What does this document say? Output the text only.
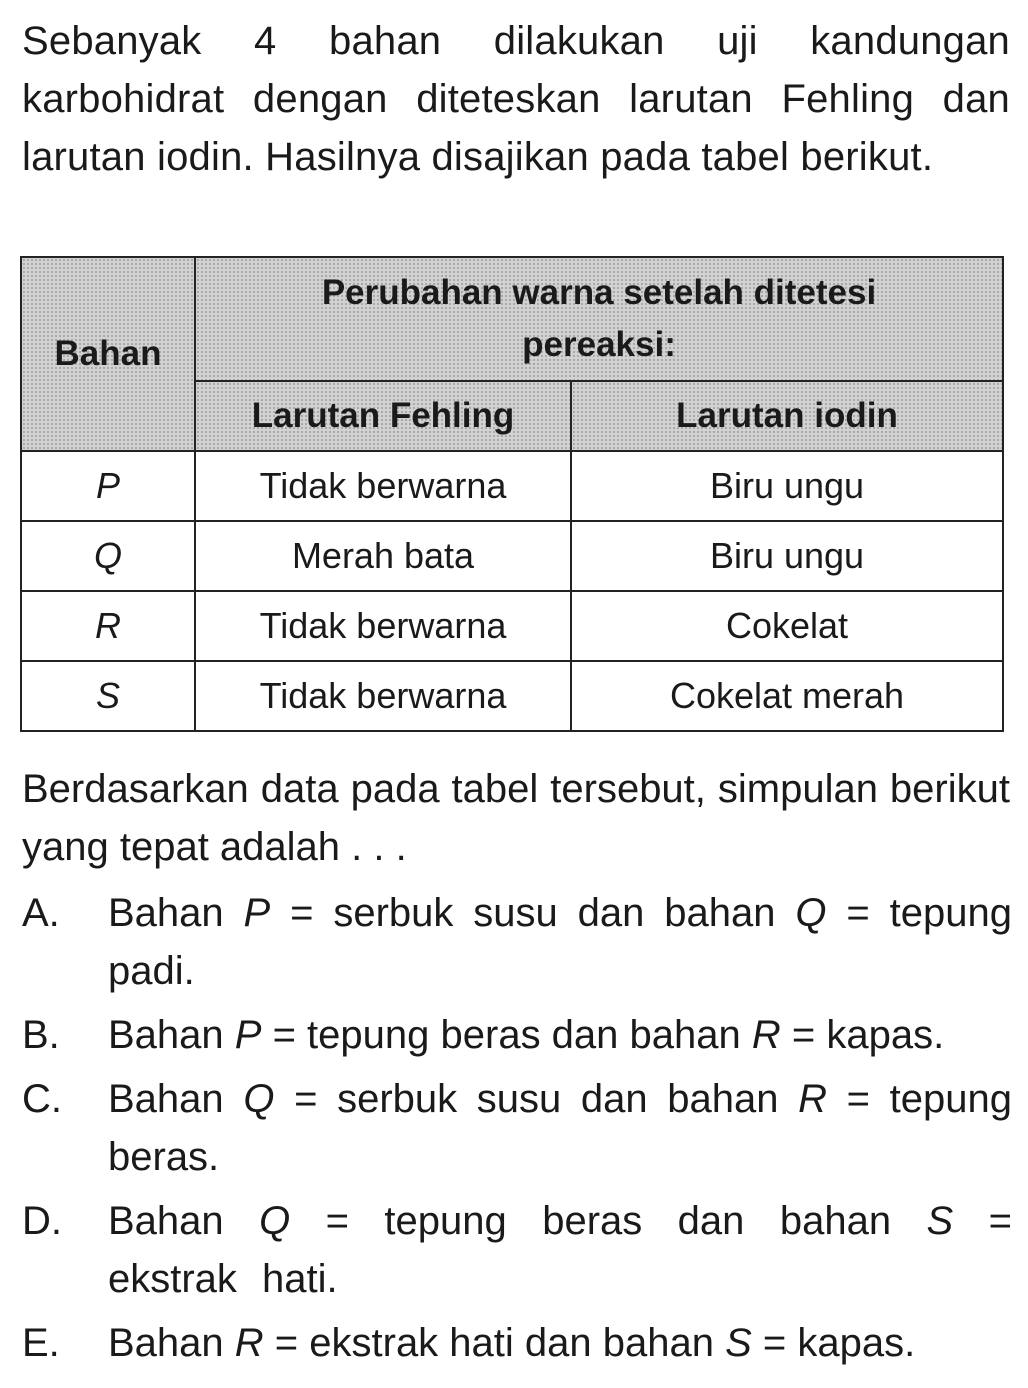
Sebanyak 4 bahan dilakukan uji kandungan karbohidrat dengan diteteskan larutan Fehling dan larutan iodin. Hasilnya disajikan pada tabel berikut.

Bahan	Perubahan warna setelah ditetesi pereaksi:	
	Larutan Fehling	Larutan iodin
P	Tidak berwarna	Biru ungu
Q	Merah bata	Biru ungu
R	Tidak berwarna	Cokelat
S	Tidak berwarna	Cokelat merah

Berdasarkan data pada tabel tersebut, simpulan berikut yang tepat adalah . . .

A.	Bahan P = serbuk susu dan bahan Q = tepung padi.
B.	Bahan P = tepung beras dan bahan R = kapas.
C.	Bahan Q = serbuk susu dan bahan R = tepung beras.
D.	Bahan Q = tepung beras dan bahan S = ekstrak hati.
E.	Bahan R = ekstrak hati dan bahan S = kapas.
